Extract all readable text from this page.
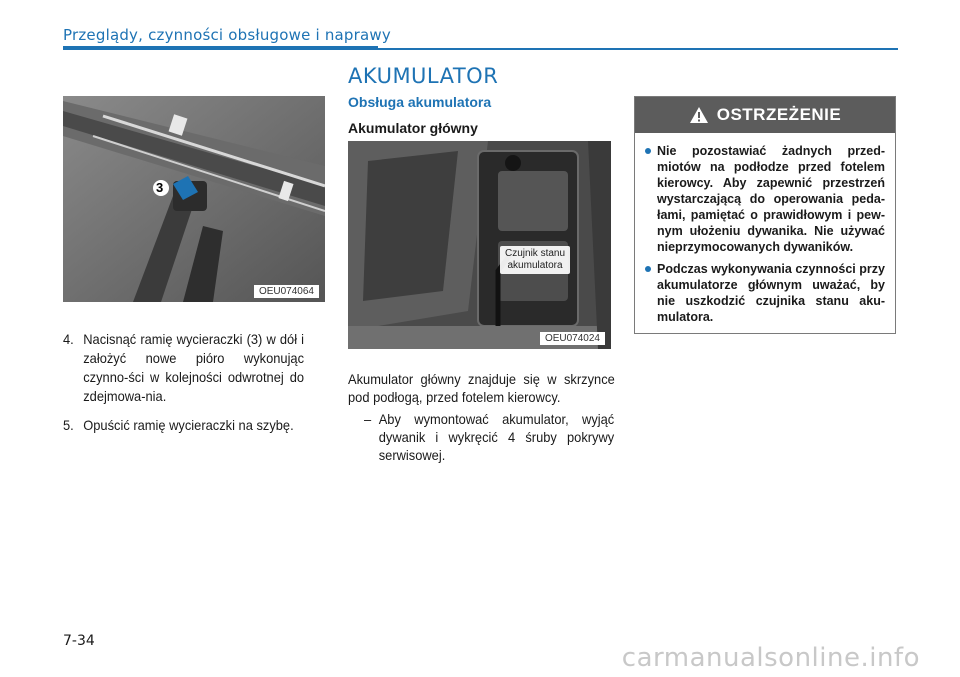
Przeglądy, czynności obsługowe i naprawy
3
OEU074064
4. Nacisnąć ramię wycieraczki (3) w dół i założyć nowe pióro wykonując czynno-ści w kolejności odwrotnej do zdejmowa-nia.
5. Opuścić ramię wycieraczki na szybę.
AKUMULATOR
Obsługa akumulatora
Akumulator główny
Czujnik stanu
akumulatora
OEU074024

Akumulator główny znajduje się w skrzynce pod podłogą, przed fotelem kierowcy.

– Aby wymontować akumulator, wyjąć dywanik i wykręcić 4 śruby pokrywy serwisowej.
OSTRZEŻENIE
Nie pozostawiać żadnych przed-miotów na podłodze przed fotelem kierowcy. Aby zapewnić przestrzeń wystarczającą do operowania peda-łami, pamiętać o prawidłowym i pew-nym ułożeniu dywanika. Nie używać nieprzymocowanych dywaników.
Podczas wykonywania czynności przy akumulatorze głównym uważać, by nie uszkodzić czujnika stanu aku-mulatora.
7-34
carmanualsonline.info
